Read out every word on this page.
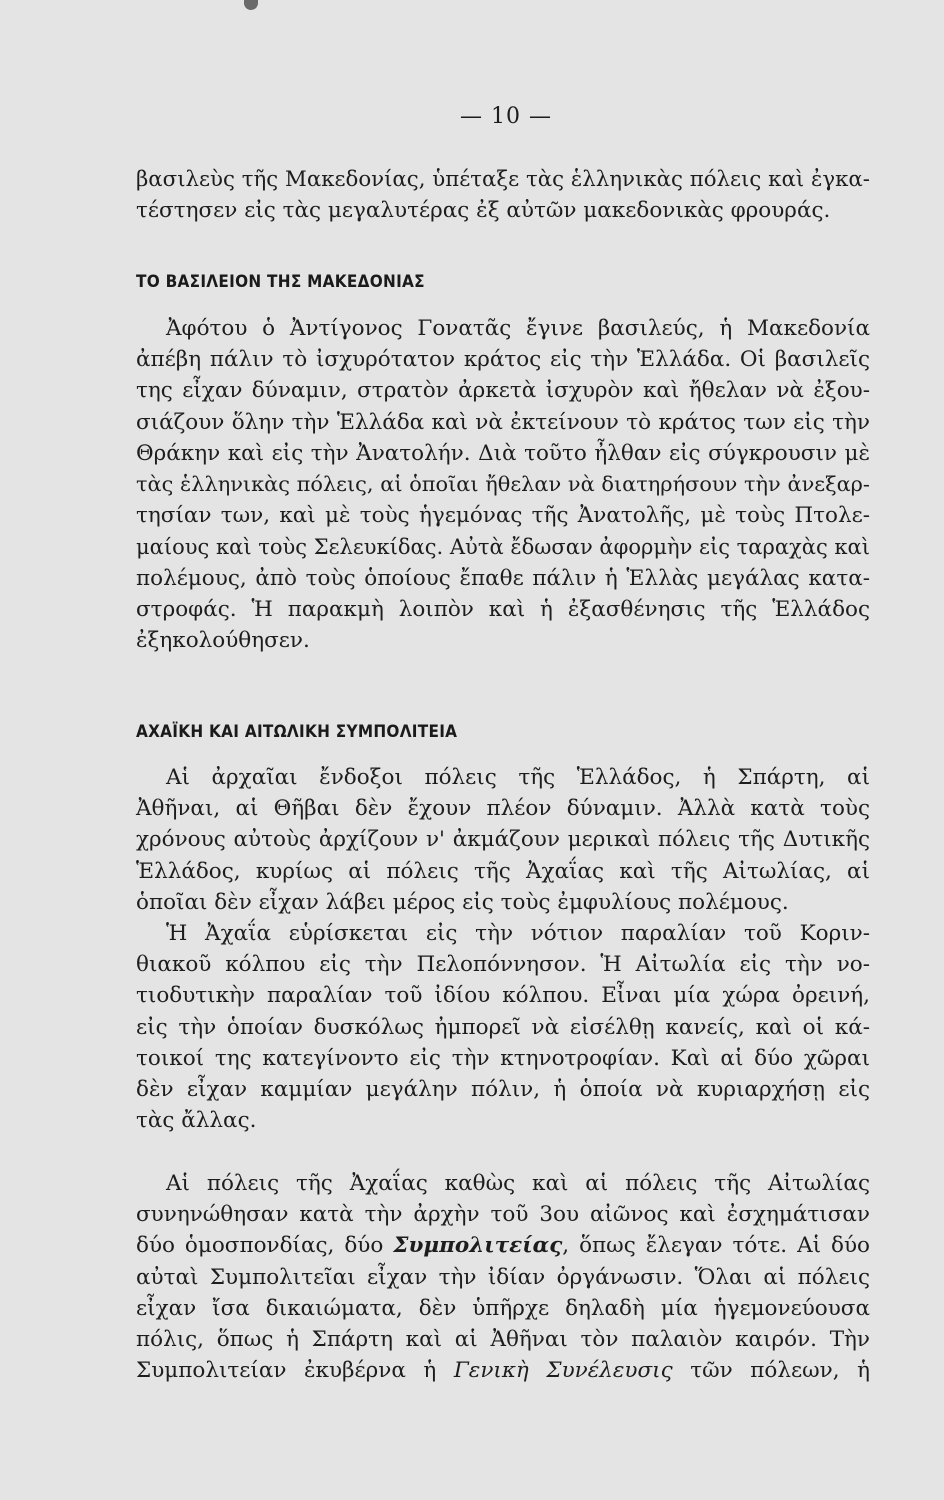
— 10 —
βασιλεὺς τῆς Μακεδονίας, ὑπέταξε τὰς ἑλληνικὰς πόλεις καὶ ἐγκα-
τέστησεν εἰς τὰς μεγαλυτέρας ἐξ αὐτῶν μακεδονικὰς φρουράς.
ΤΟ ΒΑΣΙΛΕΙΟΝ ΤΗΣ ΜΑΚΕΔΟΝΙΑΣ
Ἀφότου ὁ Ἀντίγονος Γονατᾶς ἔγινε βασιλεύς, ἡ Μακεδονία
ἀπέβη πάλιν τὸ ἰσχυρότατον κράτος εἰς τὴν Ἑλλάδα. Οἱ βασιλεῖς
της εἶχαν δύναμιν, στρατὸν ἀρκετὰ ἰσχυρὸν καὶ ἤθελαν νὰ ἐξου-
σιάζουν ὅλην τὴν Ἑλλάδα καὶ νὰ ἐκτείνουν τὸ κράτος των εἰς τὴν
Θράκην καὶ εἰς τὴν Ἀνατολήν. Διὰ τοῦτο ἦλθαν εἰς σύγκρουσιν μὲ
τὰς ἑλληνικὰς πόλεις, αἱ ὁποῖαι ἤθελαν νὰ διατηρήσουν τὴν ἀνεξαρ-
τησίαν των, καὶ μὲ τοὺς ἡγεμόνας τῆς Ἀνατολῆς, μὲ τοὺς Πτολε-
μαίους καὶ τοὺς Σελευκίδας. Αὐτὰ ἔδωσαν ἀφορμὴν εἰς ταραχὰς καὶ
πολέμους, ἀπὸ τοὺς ὁποίους ἔπαθε πάλιν ἡ Ἑλλὰς μεγάλας κατα-
στροφάς. Ἡ παρακμὴ λοιπὸν καὶ ἡ ἐξασθένησις τῆς Ἑλλάδος
ἐξηκολούθησεν.
ΑΧΑΪΚΗ ΚΑΙ ΑΙΤΩΛΙΚΗ ΣΥΜΠΟΛΙΤΕΙΑ
Αἱ ἀρχαῖαι ἔνδοξοι πόλεις τῆς Ἑλλάδος, ἡ Σπάρτη, αἱ
Ἀθῆναι, αἱ Θῆβαι δὲν ἔχουν πλέον δύναμιν. Ἀλλὰ κατὰ τοὺς
χρόνους αὐτοὺς ἀρχίζουν ν' ἀκμάζουν μερικαὶ πόλεις τῆς Δυτικῆς
Ἑλλάδος, κυρίως αἱ πόλεις τῆς Ἀχαΐας καὶ τῆς Αἰτωλίας, αἱ
ὁποῖαι δὲν εἶχαν λάβει μέρος εἰς τοὺς ἐμφυλίους πολέμους.
Ἡ Ἀχαΐα εὑρίσκεται εἰς τὴν νότιον παραλίαν τοῦ Κοριν-
θιακοῦ κόλπου εἰς τὴν Πελοπόννησον. Ἡ Αἰτωλία εἰς τὴν νο-
τιοδυτικὴν παραλίαν τοῦ ἰδίου κόλπου. Εἶναι μία χώρα ὀρεινή,
εἰς τὴν ὁποίαν δυσκόλως ἠμπορεῖ νὰ εἰσέλθῃ κανείς, καὶ οἱ κά-
τοικοί της κατεγίνοντο εἰς τὴν κτηνοτροφίαν. Καὶ αἱ δύο χῶραι
δὲν εἶχαν καμμίαν μεγάλην πόλιν, ἡ ὁποία νὰ κυριαρχήσῃ εἰς
τὰς ἄλλας.
Αἱ πόλεις τῆς Ἀχαΐας καθὼς καὶ αἱ πόλεις τῆς Αἰτωλίας
συνηνώθησαν κατὰ τὴν ἀρχὴν τοῦ 3ου αἰῶνος καὶ ἐσχημάτισαν
δύο ὁμοσπονδίας, δύο Συμπολιτείας, ὅπως ἔλεγαν τότε. Αἱ δύο
αὐταὶ Συμπολιτεῖαι εἶχαν τὴν ἰδίαν ὀργάνωσιν. Ὅλαι αἱ πόλεις
εἶχαν ἴσα δικαιώματα, δὲν ὑπῆρχε δηλαδὴ μία ἡγεμονεύουσα
πόλις, ὅπως ἡ Σπάρτη καὶ αἱ Ἀθῆναι τὸν παλαιὸν καιρόν. Τὴν
Συμπολιτείαν ἐκυβέρνα ἡ Γενικὴ Συνέλευσις τῶν πόλεων, ἡ
